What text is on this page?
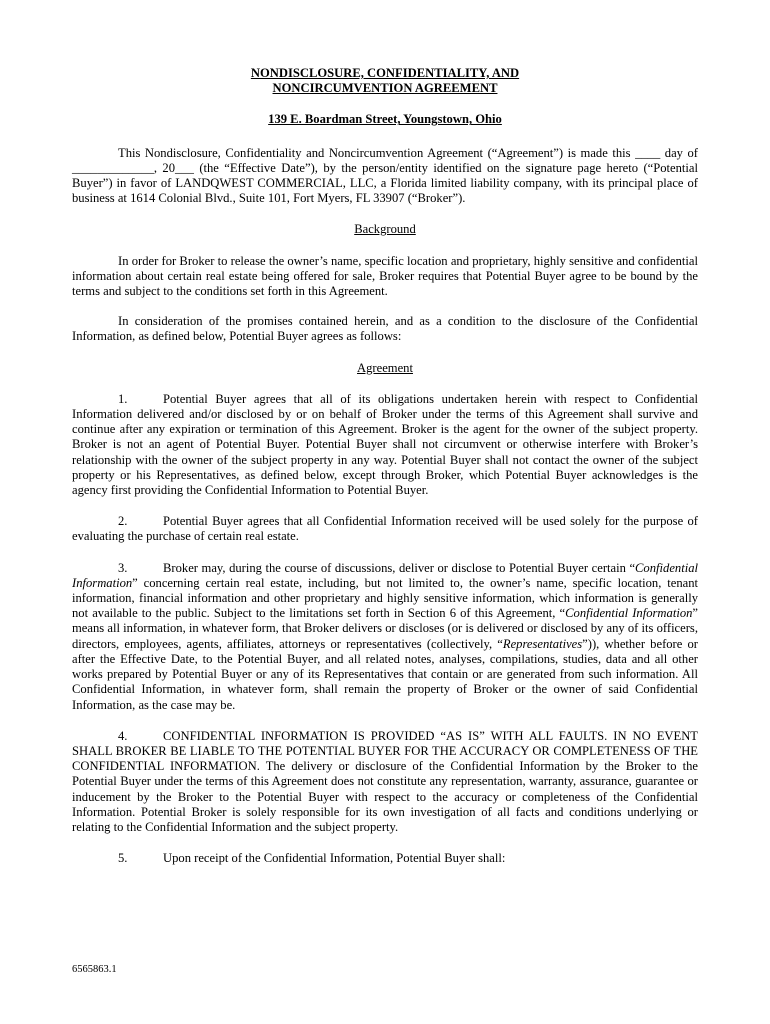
NONDISCLOSURE, CONFIDENTIALITY, AND
NONCIRCUMVENTION AGREEMENT

139 E. Boardman Street, Youngstown, Ohio

This Nondisclosure, Confidentiality and Noncircumvention Agreement (“Agreement”) is made this ____ day of _____________, 20___ (the “Effective Date”), by the person/entity identified on the signature page hereto (“Potential Buyer”) in favor of LANDQWEST COMMERCIAL, LLC, a Florida limited liability company, with its principal place of business at 1614 Colonial Blvd., Suite 101, Fort Myers, FL 33907 (“Broker”).

Background

In order for Broker to release the owner’s name, specific location and proprietary, highly sensitive and confidential information about certain real estate being offered for sale, Broker requires that Potential Buyer agree to be bound by the terms and subject to the conditions set forth in this Agreement.

In consideration of the promises contained herein, and as a condition to the disclosure of the Confidential Information, as defined below, Potential Buyer agrees as follows:

Agreement

1.	Potential Buyer agrees that all of its obligations undertaken herein with respect to Confidential Information delivered and/or disclosed by or on behalf of Broker under the terms of this Agreement shall survive and continue after any expiration or termination of this Agreement. Broker is the agent for the owner of the subject property. Broker is not an agent of Potential Buyer. Potential Buyer shall not circumvent or otherwise interfere with Broker’s relationship with the owner of the subject property in any way. Potential Buyer shall not contact the owner of the subject property or his Representatives, as defined below, except through Broker, which Potential Buyer acknowledges is the agency first providing the Confidential Information to Potential Buyer.

2.	Potential Buyer agrees that all Confidential Information received will be used solely for the purpose of evaluating the purchase of certain real estate.

3.	Broker may, during the course of discussions, deliver or disclose to Potential Buyer certain “Confidential Information” concerning certain real estate, including, but not limited to, the owner’s name, specific location, tenant information, financial information and other proprietary and highly sensitive information, which information is generally not available to the public. Subject to the limitations set forth in Section 6 of this Agreement, “Confidential Information” means all information, in whatever form, that Broker delivers or discloses (or is delivered or disclosed by any of its officers, directors, employees, agents, affiliates, attorneys or representatives (collectively, “Representatives”)), whether before or after the Effective Date, to the Potential Buyer, and all related notes, analyses, compilations, studies, data and all other works prepared by Potential Buyer or any of its Representatives that contain or are generated from such information. All Confidential Information, in whatever form, shall remain the property of Broker or the owner of said Confidential Information, as the case may be.

4.	CONFIDENTIAL INFORMATION IS PROVIDED “AS IS” WITH ALL FAULTS. IN NO EVENT SHALL BROKER BE LIABLE TO THE POTENTIAL BUYER FOR THE ACCURACY OR COMPLETENESS OF THE CONFIDENTIAL INFORMATION. The delivery or disclosure of the Confidential Information by the Broker to the Potential Buyer under the terms of this Agreement does not constitute any representation, warranty, assurance, guarantee or inducement by the Broker to the Potential Buyer with respect to the accuracy or completeness of the Confidential Information. Potential Broker is solely responsible for its own investigation of all facts and conditions underlying or relating to the Confidential Information and the subject property.

5.	Upon receipt of the Confidential Information, Potential Buyer shall:

6565863.1
